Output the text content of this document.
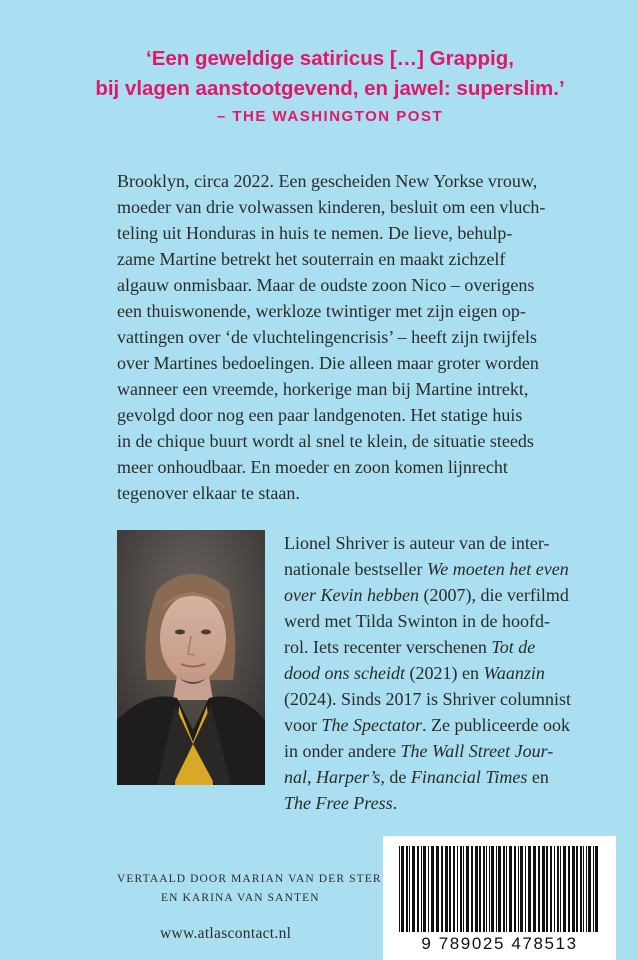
‘Een geweldige satiricus […] Grappig,
bij vlagen aanstootgevend, en jawel: superslim.’
– THE WASHINGTON POST
Brooklyn, circa 2022. Een gescheiden New Yorkse vrouw,
moeder van drie volwassen kinderen, besluit om een vluch-
teling uit Honduras in huis te nemen. De lieve, behulp-
zame Martine betrekt het souterrain en maakt zichzelf
algauw onmisbaar. Maar de oudste zoon Nico – overigens
een thuiswonende, werkloze twintiger met zijn eigen op-
vattingen over ‘de vluchtelingencrisis’ – heeft zijn twijfels
over Martines bedoelingen. Die alleen maar groter worden
wanneer een vreemde, horkerige man bij Martine intrekt,
gevolgd door nog een paar landgenoten. Het statige huis
in de chique buurt wordt al snel te klein, de situatie steeds
meer onhoudbaar. En moeder en zoon komen lijnrecht
tegenover elkaar te staan.
Lionel Shriver is auteur van de inter-
nationale bestseller We moeten het even
over Kevin hebben (2007), die verfilmd
werd met Tilda Swinton in de hoofd-
rol. Iets recenter verschenen Tot de
dood ons scheidt (2021) en Waanzin
(2024). Sinds 2017 is Shriver columnist
voor The Spectator. Ze publiceerde ook
in onder andere The Wall Street Jour-
nal, Harper’s, de Financial Times en
The Free Press.
VERTAALD DOOR MARIAN VAN DER STER
EN KARINA VAN SANTEN
www.atlascontact.nl
9 789025 478513
